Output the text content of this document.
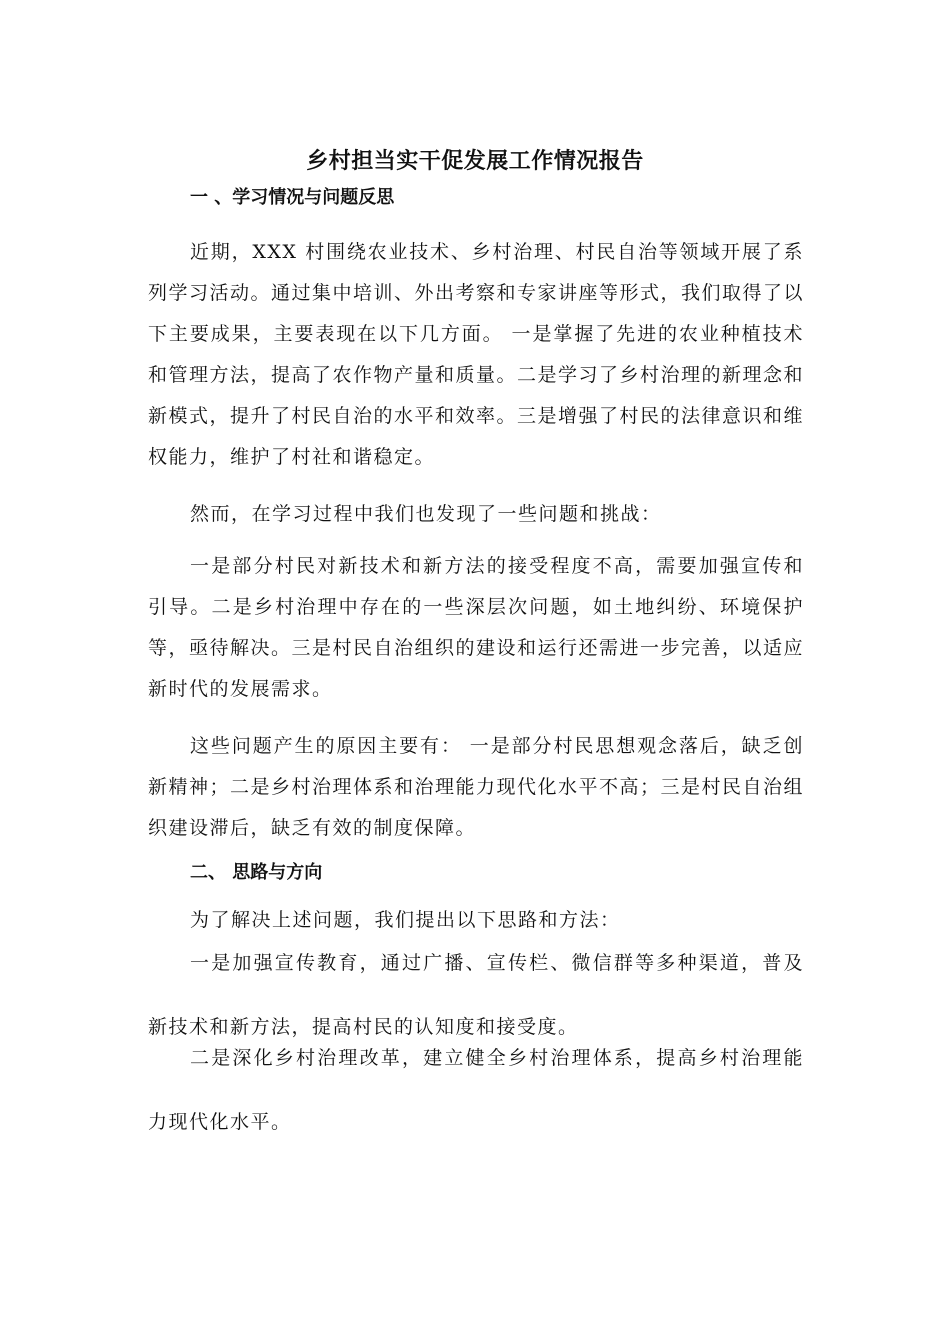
乡村担当实干促发展工作情况报告
一 、学习情况与问题反思

近期，XXX 村围绕农业技术、乡村治理、村民自治等领域开展了系列学习活动。通过集中培训、外出考察和专家讲座等形式，我们取得了以下主要成果，主要表现在以下几方面。 一是掌握了先进的农业种植技术和管理方法，提高了农作物产量和质量。二是学习了乡村治理的新理念和新模式，提升了村民自治的水平和效率。三是增强了村民的法律意识和维权能力，维护了村社和谐稳定。

然而，在学习过程中我们也发现了一些问题和挑战：

一是部分村民对新技术和新方法的接受程度不高，需要加强宣传和引导。二是乡村治理中存在的一些深层次问题，如土地纠纷、环境保护等，亟待解决。三是村民自治组织的建设和运行还需进一步完善，以适应新时代的发展需求。

这些问题产生的原因主要有： 一是部分村民思想观念落后，缺乏创新精神；二是乡村治理体系和治理能力现代化水平不高；三是村民自治组织建设滞后，缺乏有效的制度保障。

二、 思路与方向

为了解决上述问题，我们提出以下思路和方法：

一是加强宣传教育，通过广播、宣传栏、微信群等多种渠道，普及新技术和新方法，提高村民的认知度和接受度。

二是深化乡村治理改革，建立健全乡村治理体系，提高乡村治理能力现代化水平。
